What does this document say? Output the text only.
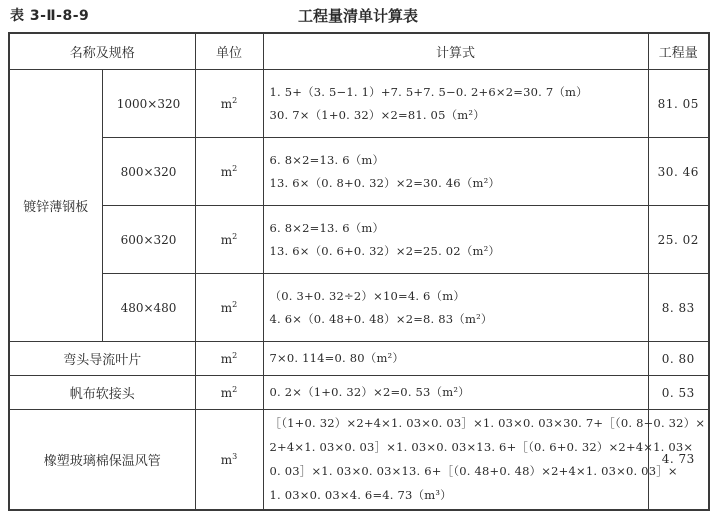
表 3-Ⅱ-8-9	工程量清单计算表
名称及规格		单位	计算式	工程量
镀锌薄钢板	1000×320	$m^2$	1. 5+（3. 5−1. 1）+7. 5+7. 5−0. 2+6×2=30. 7（m）
30. 7×（1+0. 32）×2=81. 05（m²）	81. 05
	800×320	$m^2$	6. 8×2=13. 6（m）
13. 6×（0. 8+0. 32）×2=30. 46（m²）	30. 46
	600×320	$m^2$	6. 8×2=13. 6（m）
13. 6×（0. 6+0. 32）×2=25. 02（m²）	25. 02
	480×480	$m^2$	（0. 3+0. 32÷2）×10=4. 6（m）
4. 6×（0. 48+0. 48）×2=8. 83（m²）	8. 83
弯头导流叶片		$m^2$	7×0. 114=0. 80（m²）	0. 80
帆布软接头		$m^2$	0. 2×（1+0. 32）×2=0. 53（m²）	0. 53
橡塑玻璃棉保温风管		$m^3$	［（1+0. 32）×2+4×1. 03×0. 03］×1. 03×0. 03×30. 7+［（0. 8+0. 32）×
2+4×1. 03×0. 03］×1. 03×0. 03×13. 6+［（0. 6+0. 32）×2+4×1. 03×
0. 03］×1. 03×0. 03×13. 6+［（0. 48+0. 48）×2+4×1. 03×0. 03］×
1. 03×0. 03×4. 6=4. 73（m³）	4. 73
